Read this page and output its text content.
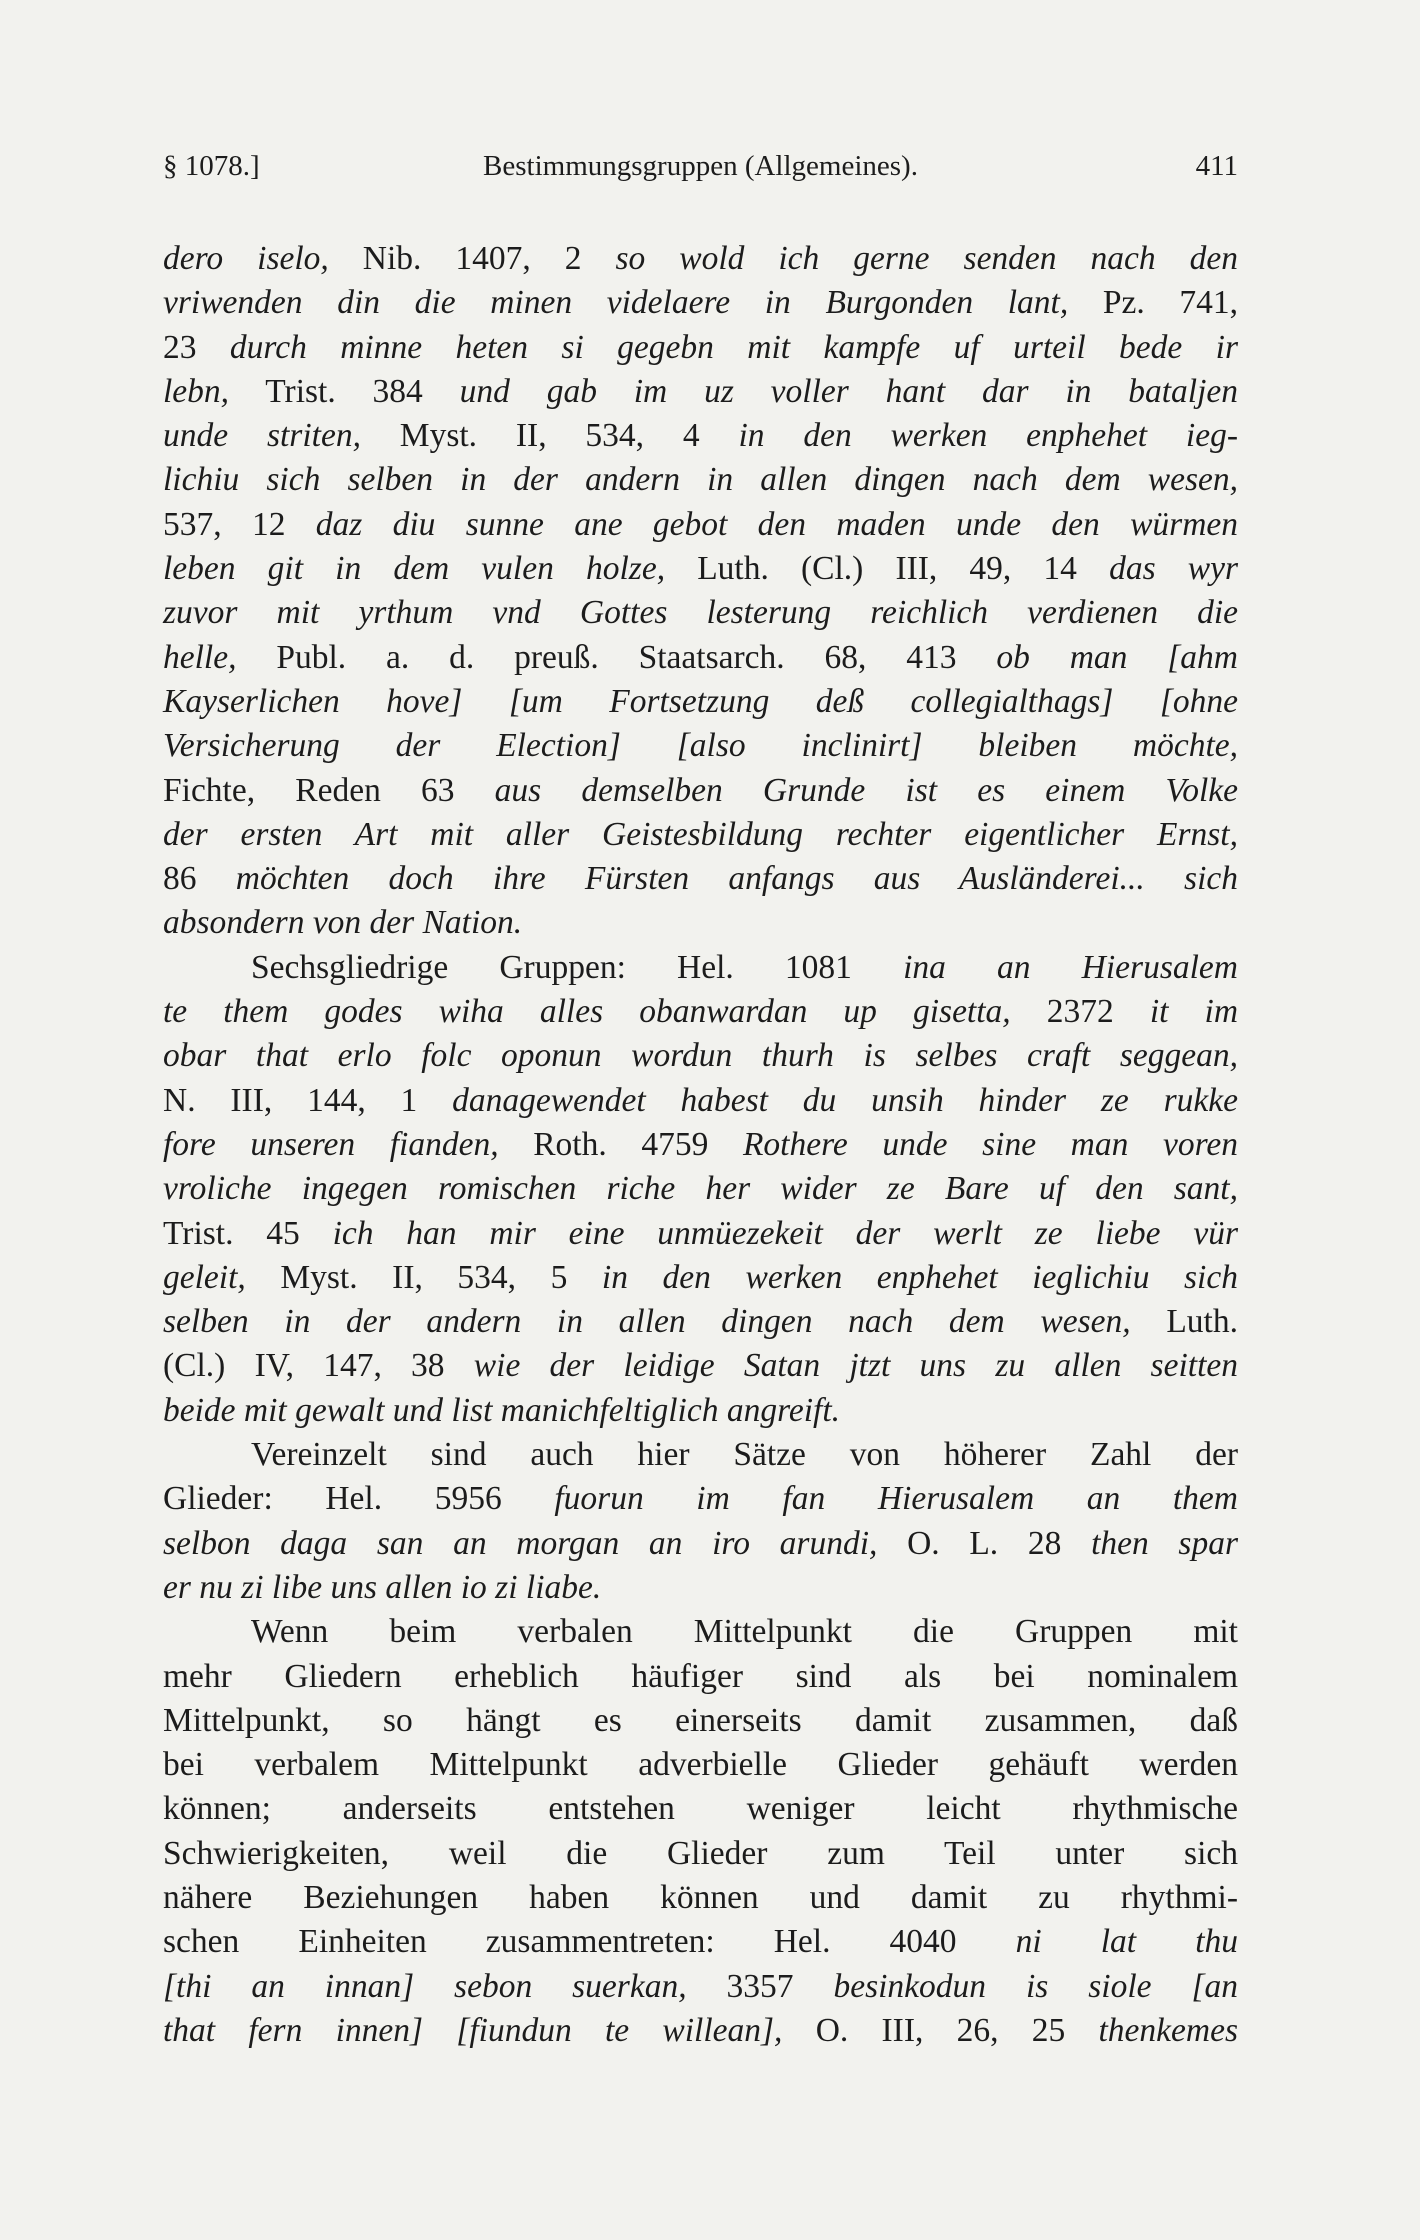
§ 1078.]	Bestimmungsgruppen (Allgemeines).	411
dero iselo, Nib. 1407, 2 so wold ich gerne senden nach den
vriwenden din die minen videlaere in Burgonden lant, Pz. 741,
23 durch minne heten si gegebn mit kampfe uf urteil bede ir
lebn, Trist. 384 und gab im uz voller hant dar in bataljen
unde striten, Myst. II, 534, 4 in den werken enphehet ieg-
lichiu sich selben in der andern in allen dingen nach dem wesen,
537, 12 daz diu sunne ane gebot den maden unde den würmen
leben git in dem vulen holze, Luth. (Cl.) III, 49, 14 das wyr
zuvor mit yrthum vnd Gottes lesterung reichlich verdienen die
helle, Publ. a. d. preuß. Staatsarch. 68, 413 ob man [ahm
Kayserlichen hove] [um Fortsetzung deß collegialthags] [ohne
Versicherung der Election] [also inclinirt] bleiben möchte,
Fichte, Reden 63 aus demselben Grunde ist es einem Volke
der ersten Art mit aller Geistesbildung rechter eigentlicher Ernst,
86 möchten doch ihre Fürsten anfangs aus Ausländerei... sich
absondern von der Nation.
Sechsgliedrige Gruppen: Hel. 1081 ina an Hierusalem
te them godes wiha alles obanwardan up gisetta, 2372 it im
obar that erlo folc oponun wordun thurh is selbes craft seggean,
N. III, 144, 1 danagewendet habest du unsih hinder ze rukke
fore unseren fianden, Roth. 4759 Rothere unde sine man voren
vroliche ingegen romischen riche her wider ze Bare uf den sant,
Trist. 45 ich han mir eine unmüezekeit der werlt ze liebe vür
geleit, Myst. II, 534, 5 in den werken enphehet ieglichiu sich
selben in der andern in allen dingen nach dem wesen, Luth.
(Cl.) IV, 147, 38 wie der leidige Satan jtzt uns zu allen seitten
beide mit gewalt und list manichfeltiglich angreift.
Vereinzelt sind auch hier Sätze von höherer Zahl der
Glieder: Hel. 5956 fuorun im fan Hierusalem an them
selbon daga san an morgan an iro arundi, O. L. 28 then spar
er nu zi libe uns allen io zi liabe.
Wenn beim verbalen Mittelpunkt die Gruppen mit
mehr Gliedern erheblich häufiger sind als bei nominalem
Mittelpunkt, so hängt es einerseits damit zusammen, daß
bei verbalem Mittelpunkt adverbielle Glieder gehäuft werden
können; anderseits entstehen weniger leicht rhythmische
Schwierigkeiten, weil die Glieder zum Teil unter sich
nähere Beziehungen haben können und damit zu rhythmi-
schen Einheiten zusammentreten: Hel. 4040 ni lat thu
[thi an innan] sebon suerkan, 3357 besinkodun is siole [an
that fern innen] [fiundun te willean], O. III, 26, 25 thenkemes
